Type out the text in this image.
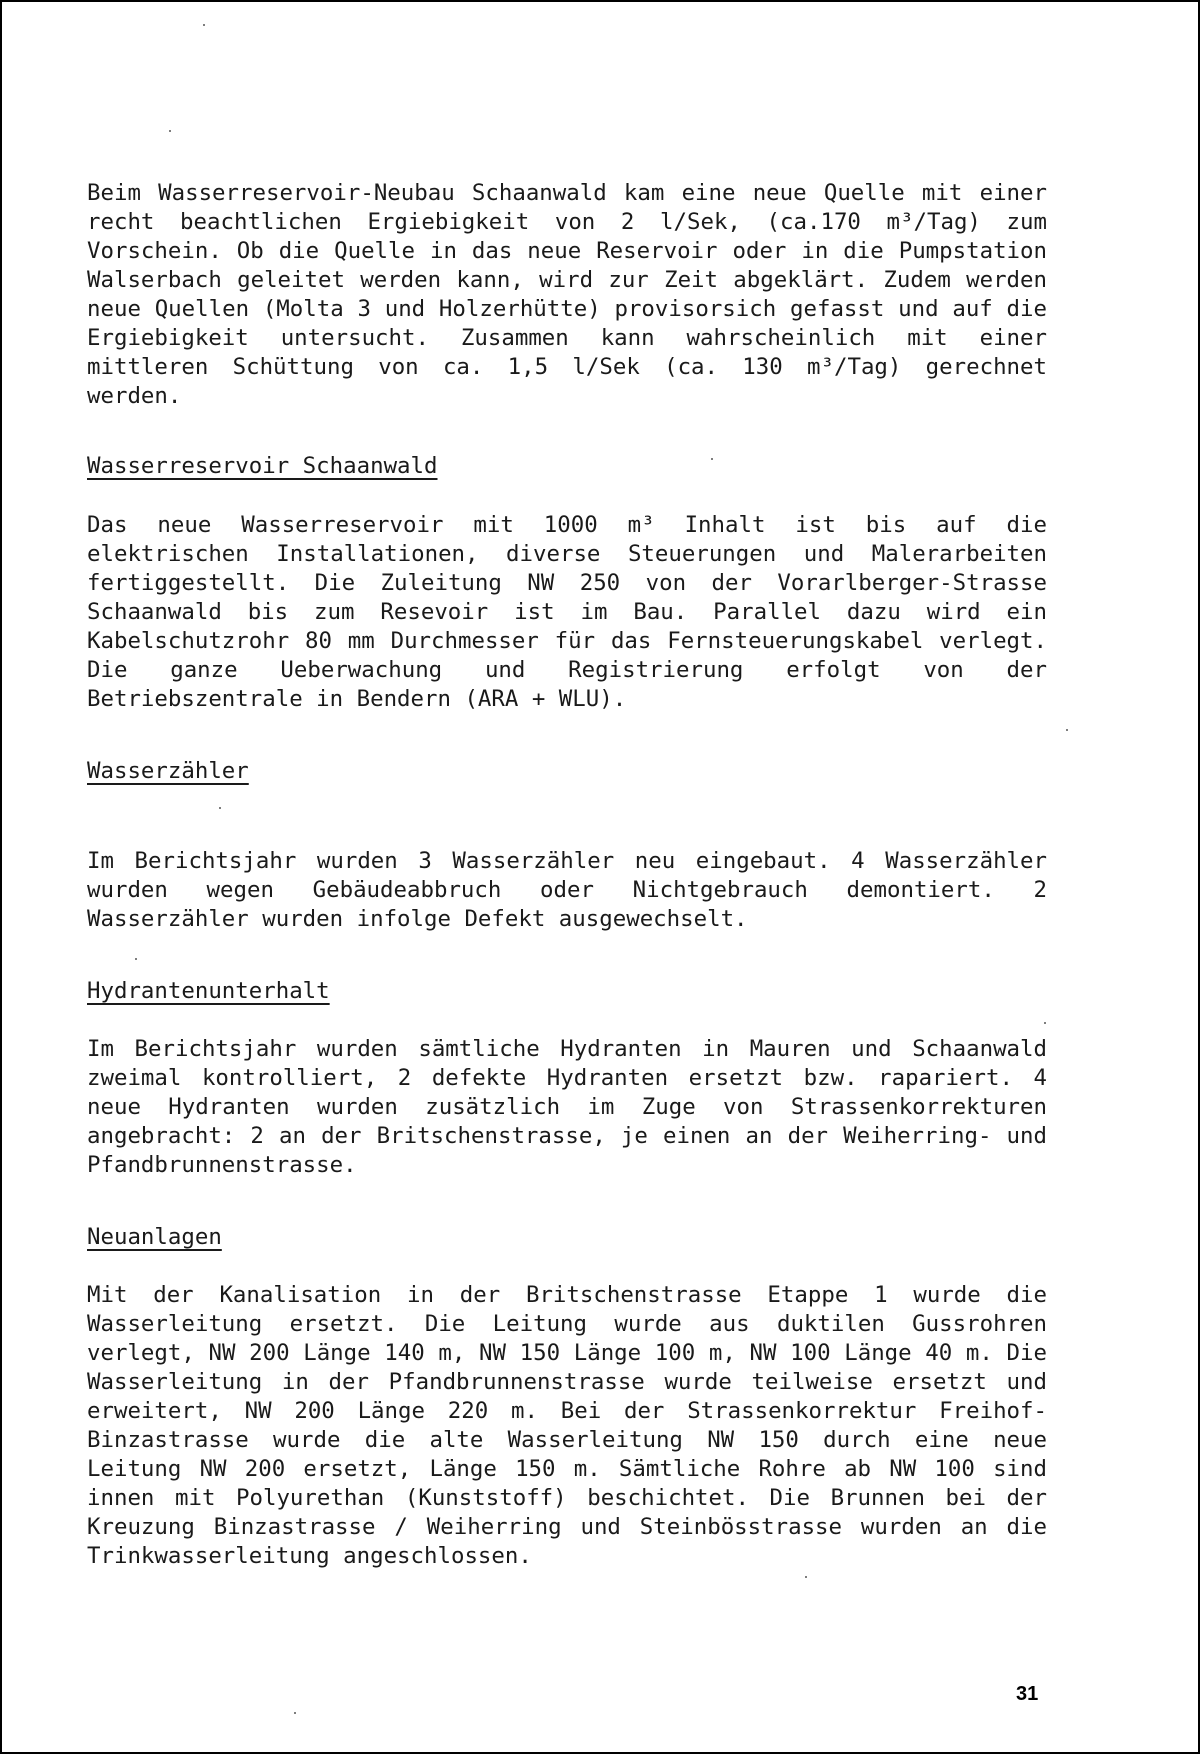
Beim Wasserreservoir-Neubau Schaanwald kam eine neue Quelle mit einer recht beachtlichen Ergiebigkeit von 2 l/Sek, (ca.170 m³/Tag) zum Vorschein. Ob die Quelle in das neue Reservoir oder in die Pumpstation Walserbach geleitet werden kann, wird zur Zeit abgeklärt. Zudem werden neue Quellen (Molta 3 und Holzerhütte) provisorsich gefasst und auf die Ergiebigkeit untersucht. Zusammen kann wahrscheinlich mit einer mittleren Schüttung von ca. 1,5 l/Sek (ca. 130 m³/Tag) gerechnet werden.

Wasserreservoir Schaanwald

Das neue Wasserreservoir mit 1000 m³ Inhalt ist bis auf die elektrischen Installationen, diverse Steuerungen und Malerarbeiten fertiggestellt. Die Zuleitung NW 250 von der Vorarlberger-Strasse Schaanwald bis zum Resevoir ist im Bau. Parallel dazu wird ein Kabelschutzrohr 80 mm Durchmesser für das Fernsteuerungskabel verlegt. Die ganze Ueberwachung und Registrierung erfolgt von der Betriebszentrale in Bendern (ARA + WLU).

Wasserzähler

Im Berichtsjahr wurden 3 Wasserzähler neu eingebaut. 4 Wasserzähler wurden wegen Gebäudeabbruch oder Nichtgebrauch demontiert. 2 Wasserzähler wurden infolge Defekt ausgewechselt.

Hydrantenunterhalt

Im Berichtsjahr wurden sämtliche Hydranten in Mauren und Schaanwald zweimal kontrolliert, 2 defekte Hydranten ersetzt bzw. rapariert. 4 neue Hydranten wurden zusätzlich im Zuge von Strassenkorrekturen angebracht: 2 an der Britschenstrasse, je einen an der Weiherring- und Pfandbrunnenstrasse.

Neuanlagen

Mit der Kanalisation in der Britschenstrasse Etappe 1 wurde die Wasserleitung ersetzt. Die Leitung wurde aus duktilen Gussrohren verlegt, NW 200 Länge 140 m, NW 150 Länge 100 m, NW 100 Länge 40 m. Die Wasserleitung in der Pfandbrunnenstrasse wurde teilweise ersetzt und erweitert, NW 200 Länge 220 m. Bei der Strassenkorrektur Freihof-Binzastrasse wurde die alte Wasserleitung NW 150 durch eine neue Leitung NW 200 ersetzt, Länge 150 m. Sämtliche Rohre ab NW 100 sind innen mit Polyurethan (Kunststoff) beschichtet. Die Brunnen bei der Kreuzung Binzastrasse / Weiherring und Steinbösstrasse wurden an die Trinkwasserleitung angeschlossen.

31
